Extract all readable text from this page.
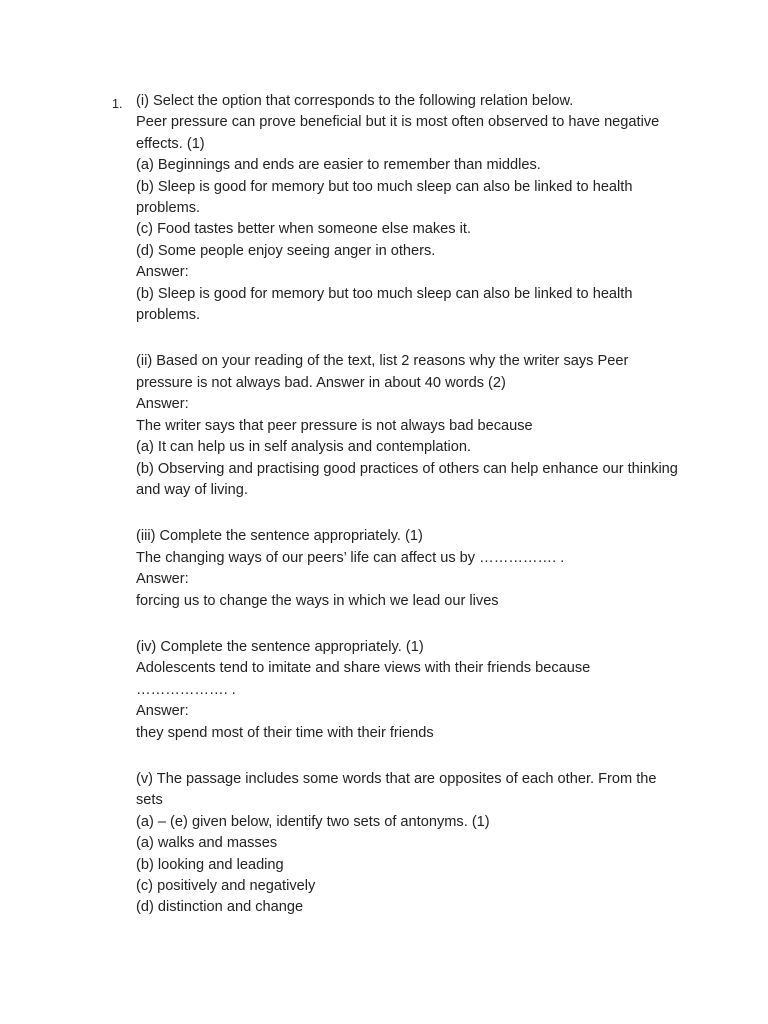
1. (i) Select the option that corresponds to the following relation below.
Peer pressure can prove beneficial but it is most often observed to have negative effects. (1)
(a) Beginnings and ends are easier to remember than middles.
(b) Sleep is good for memory but too much sleep can also be linked to health problems.
(c) Food tastes better when someone else makes it.
(d) Some people enjoy seeing anger in others.
Answer:
(b) Sleep is good for memory but too much sleep can also be linked to health problems.
(ii) Based on your reading of the text, list 2 reasons why the writer says Peer pressure is not always bad. Answer in about 40 words (2)
Answer:
The writer says that peer pressure is not always bad because
(a) It can help us in self analysis and contemplation.
(b) Observing and practising good practices of others can help enhance our thinking and way of living.
(iii) Complete the sentence appropriately. (1)
The changing ways of our peers’ life can affect us by ……………. .
Answer:
forcing us to change the ways in which we lead our lives
(iv) Complete the sentence appropriately. (1)
Adolescents tend to imitate and share views with their friends because ………………. .
Answer:
they spend most of their time with their friends
(v) The passage includes some words that are opposites of each other. From the sets
(a) – (e) given below, identify two sets of antonyms. (1)
(a) walks and masses
(b) looking and leading
(c) positively and negatively
(d) distinction and change
